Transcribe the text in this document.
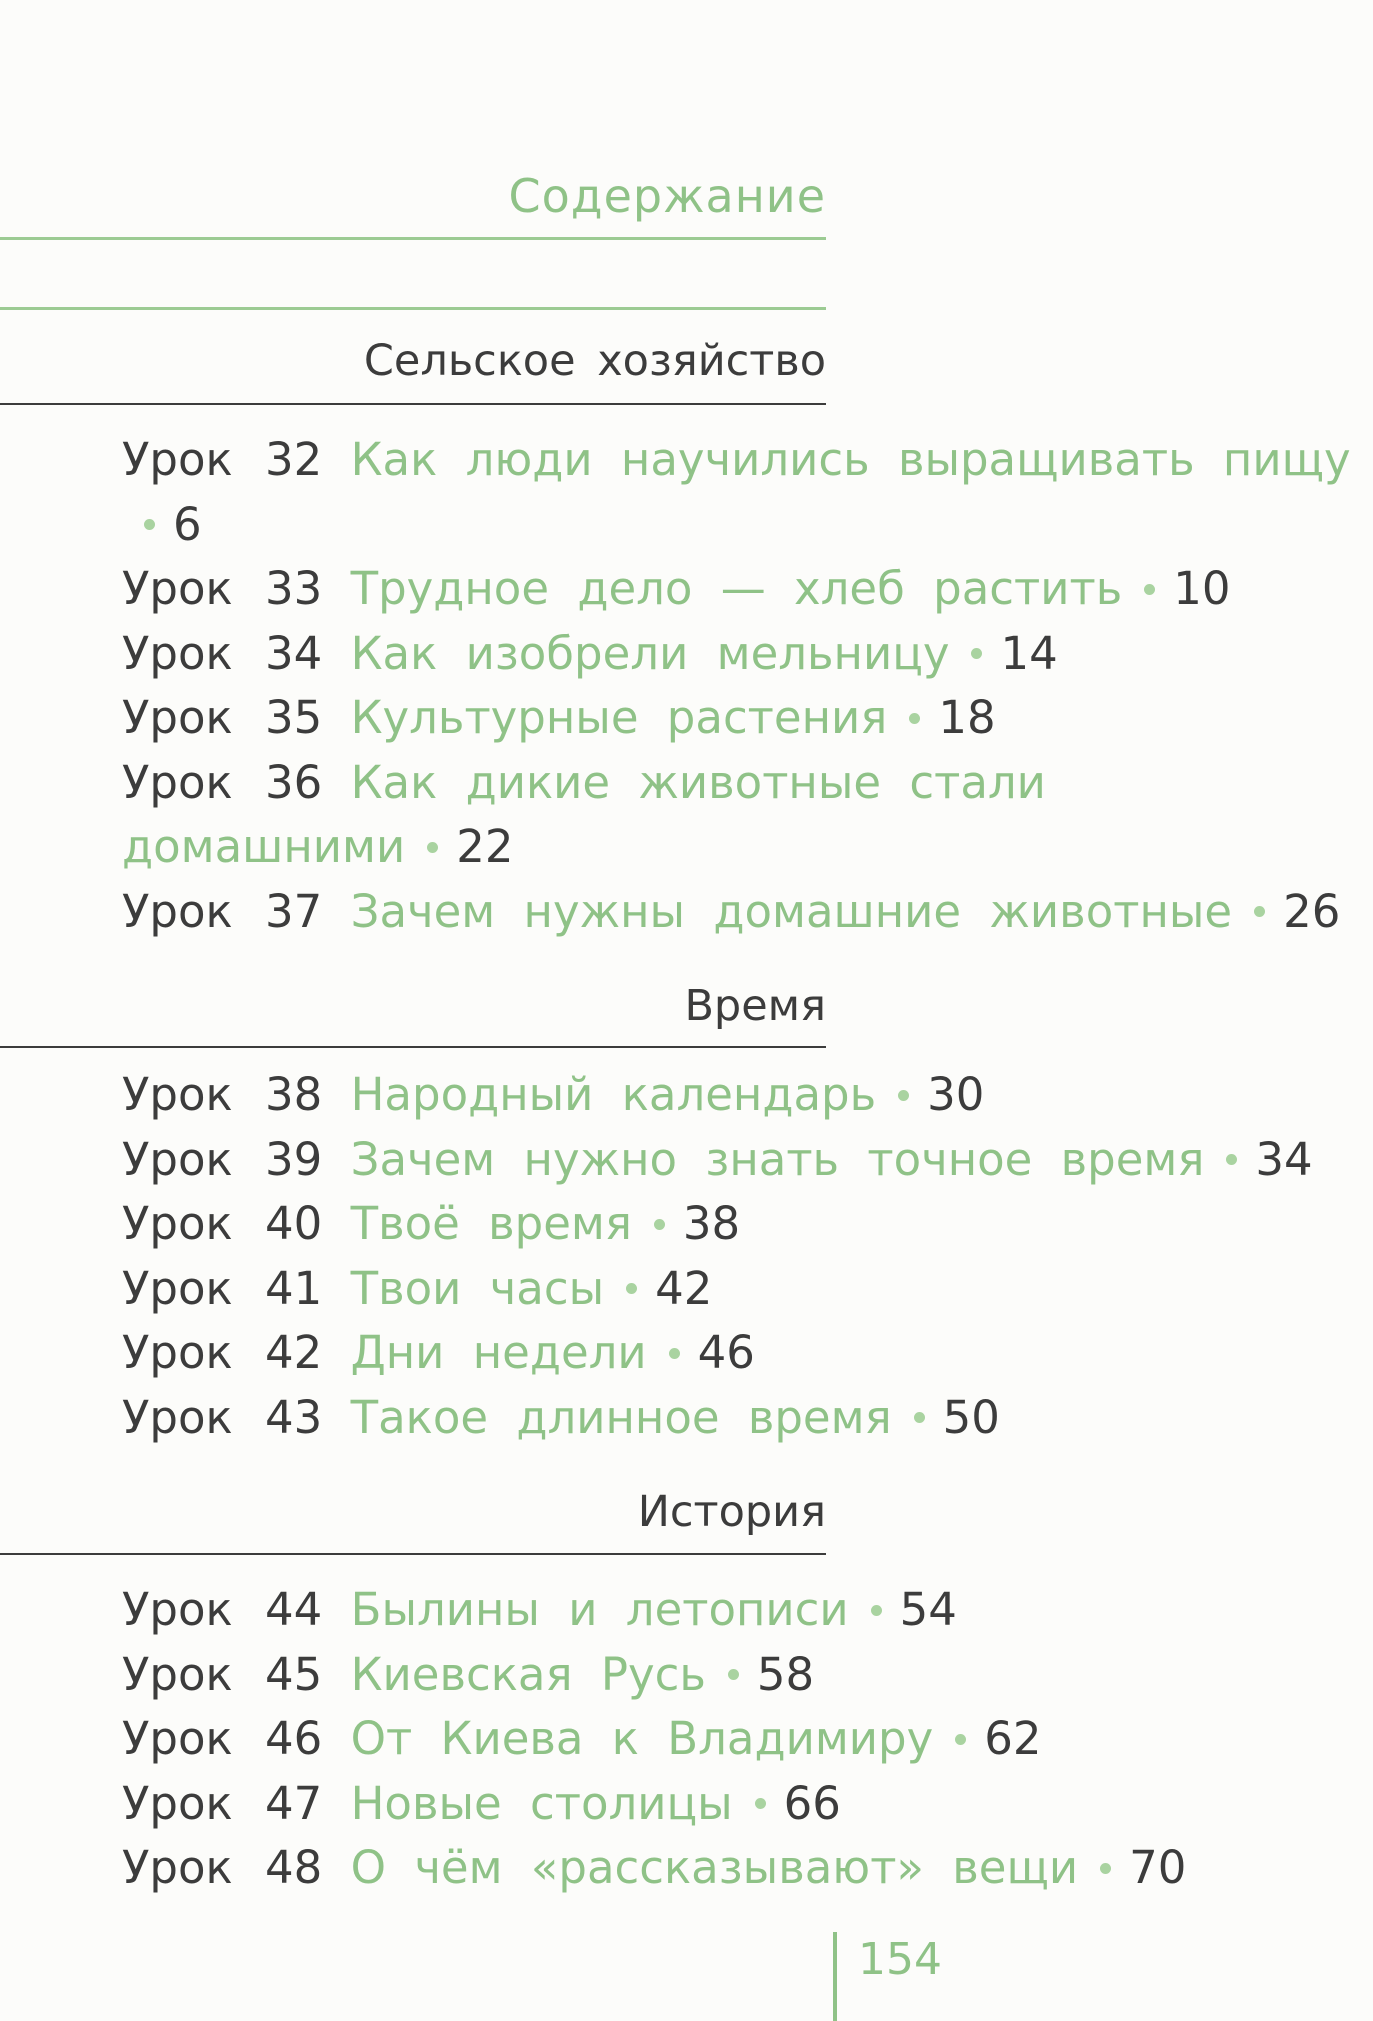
Содержание
Сельское хозяйство
Урок 32 Как люди научились выращивать пищу6
Урок 33 Трудное дело — хлеб растить 10
Урок 34 Как изобрели мельницу 14
Урок 35 Культурные растения 18
Урок 36 Как дикие животные стали домашними 22
Урок 37 Зачем нужны домашние животные 26
Время
Урок 38 Народный календарь 30
Урок 39 Зачем нужно знать точное время 34
Урок 40 Твоё время 38
Урок 41 Твои часы 42
Урок 42 Дни недели 46
Урок 43 Такое длинное время 50
История
Урок 44 Былины и летописи 54
Урок 45 Киевская Русь 58
Урок 46 От Киева к Владимиру 62
Урок 47 Новые столицы 66
Урок 48 О чём «рассказывают» вещи 70
154
